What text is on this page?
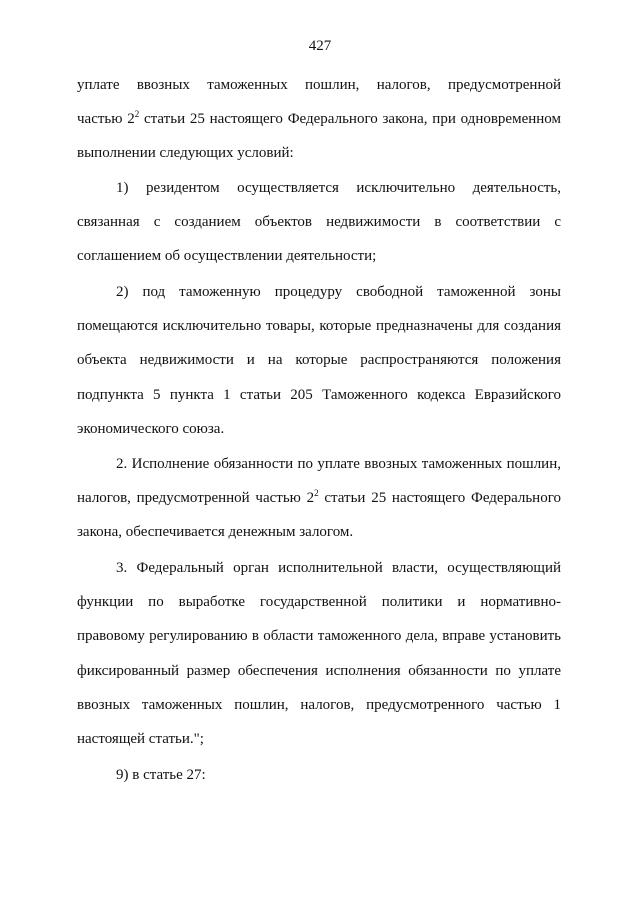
427
уплате ввозных таможенных пошлин, налогов, предусмотренной
частью $2^2$ статьи 25 настоящего Федерального закона, при одновременном
выполнении следующих условий:
1) резидентом осуществляется исключительно деятельность,
связанная с созданием объектов недвижимости в соответствии с
соглашением об осуществлении деятельности;
2) под таможенную процедуру свободной таможенной зоны
помещаются исключительно товары, которые предназначены для создания
объекта недвижимости и на которые распространяются положения
подпункта 5 пункта 1 статьи 205 Таможенного кодекса Евразийского
экономического союза.
2. Исполнение обязанности по уплате ввозных таможенных пошлин,
налогов, предусмотренной частью $2^2$ статьи 25 настоящего Федерального
закона, обеспечивается денежным залогом.
3. Федеральный орган исполнительной власти, осуществляющий
функции по выработке государственной политики и нормативно-
правовому регулированию в области таможенного дела, вправе установить
фиксированный размер обеспечения исполнения обязанности по уплате
ввозных таможенных пошлин, налогов, предусмотренного частью 1
настоящей статьи.";
9) в статье 27:
